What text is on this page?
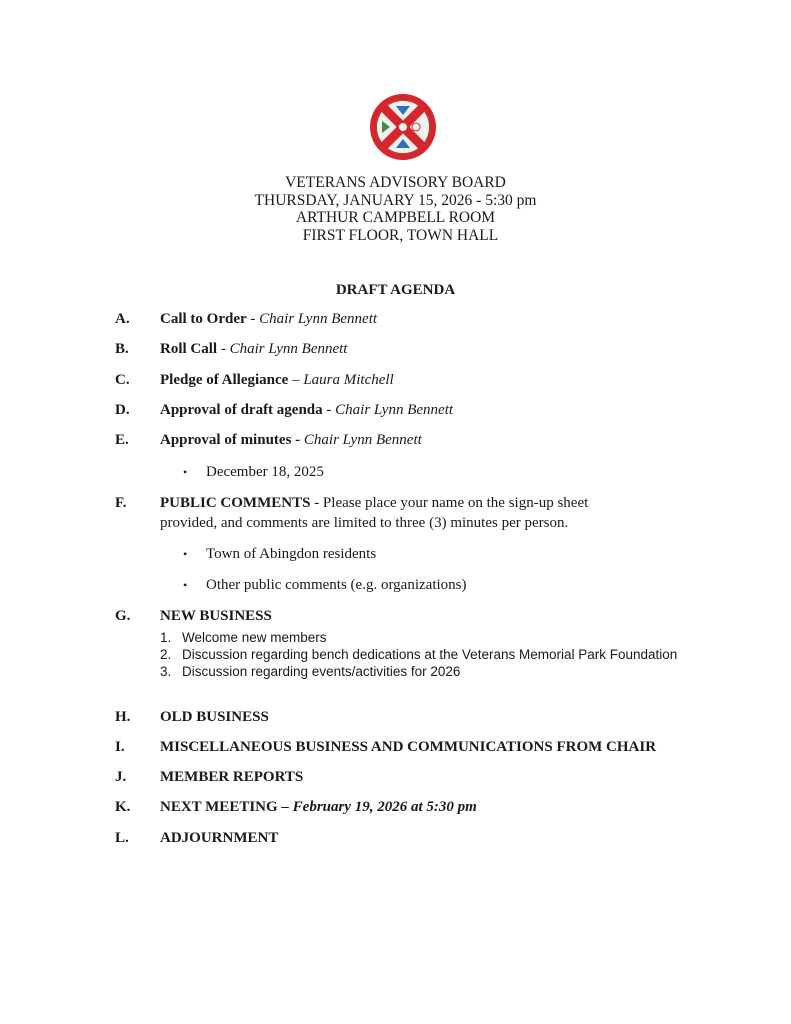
VETERANS ADVISORY BOARD
THURSDAY, JANUARY 15, 2026 - 5:30 pm
ARTHUR CAMPBELL ROOM
FIRST FLOOR, TOWN HALL
DRAFT AGENDA
A. Call to Order - Chair Lynn Bennett
B. Roll Call - Chair Lynn Bennett
C. Pledge of Allegiance – Laura Mitchell
D. Approval of draft agenda - Chair Lynn Bennett
E. Approval of minutes - Chair Lynn Bennett
• December 18, 2025
F. PUBLIC COMMENTS - Please place your name on the sign-up sheet
provided, and comments are limited to three (3) minutes per person.
• Town of Abingdon residents
• Other public comments (e.g. organizations)
G. NEW BUSINESS
1. Welcome new members
2. Discussion regarding bench dedications at the Veterans Memorial Park Foundation
3. Discussion regarding events/activities for 2026
H. OLD BUSINESS
I. MISCELLANEOUS BUSINESS AND COMMUNICATIONS FROM CHAIR
J. MEMBER REPORTS
K. NEXT MEETING – February 19, 2026 at 5:30 pm
L. ADJOURNMENT
